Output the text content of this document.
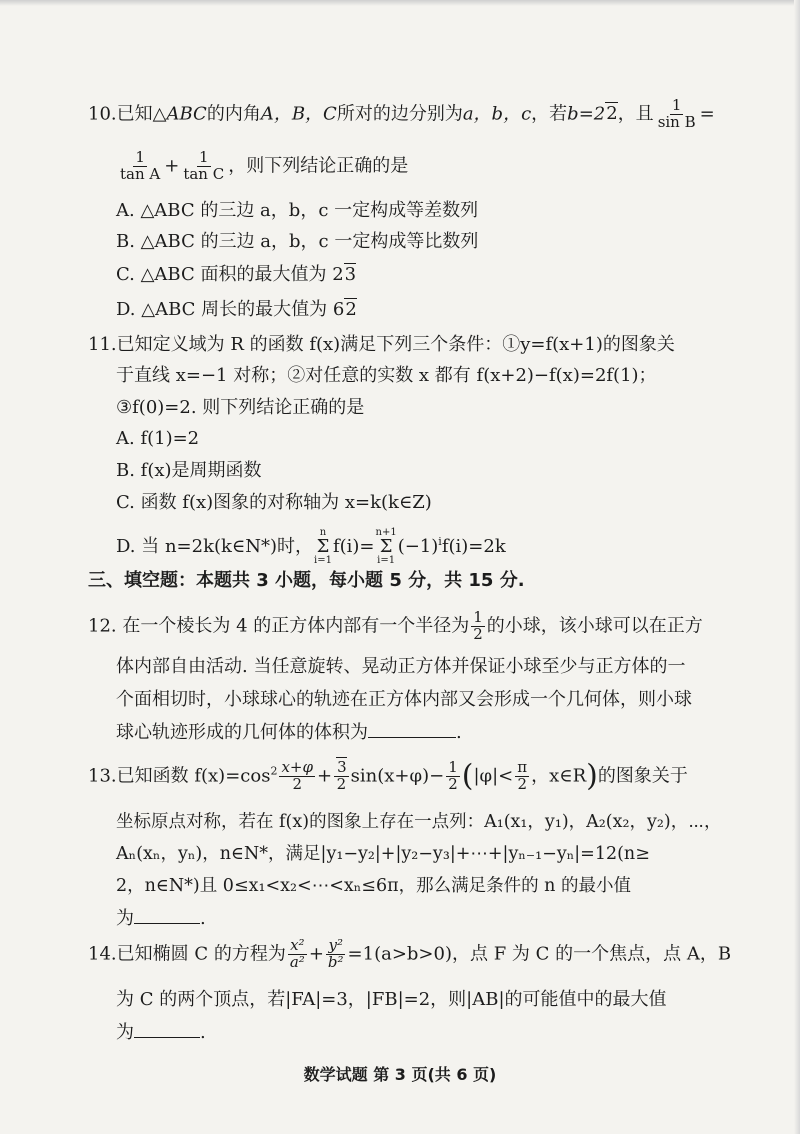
10.已知△ABC的内角A，B，C所对的边分别为a，b，c，若b=22，且 $\frac{1}{\text{sin B}}$ =
$\frac{1}{\text{tan A}} + \frac{1}{\text{tan C}}$ ，则下列结论正确的是
A. △ABC 的三边 a，b，c 一定构成等差数列
B. △ABC 的三边 a，b，c 一定构成等比数列
C. △ABC 面积的最大值为 23
D. △ABC 周长的最大值为 62
11.已知定义域为 R 的函数 f(x)满足下列三个条件：①y=f(x+1)的图象关
于直线 x=−1 对称；②对任意的实数 x 都有 f(x+2)−f(x)=2f(1)；
③f(0)=2. 则下列结论正确的是
A. f(1)=2
B. f(x)是周期函数
C. 函数 f(x)图象的对称轴为 x=k(k∈Z)
D. 当 n=2k(k∈N*)时，
n
Σ
i=1
f(i)=
n+1
Σ
i=1
$(-1)^if(i)=2k$
三、填空题：本题共 3 小题，每小题 5 分，共 15 分.
12. 在一个棱长为 4 的正方体内部有一个半径为 $\frac{1}{2}$ 的小球，该小球可以在正方
体内部自由活动. 当任意旋转、晃动正方体并保证小球至少与正方体的一
个面相切时，小球球心的轨迹在正方体内部又会形成一个几何体，则小球
球心轨迹形成的几何体的体积为	.
13.已知函数 $f(x)=\cos^2 \frac{x+\varphi}{2} + \frac{3}{2} \sin(x+\varphi)- \frac{1}{2} (|\varphi|< \frac{\pi}{2}$ ，x∈R)的图象关于
坐标原点对称，若在 f(x)的图象上存在一点列：A₁(x₁，y₁)，A₂(x₂，y₂)，⋯，
Aₙ(xₙ，yₙ)，n∈N*，满足|y₁−y₂|+|y₂−y₃|+⋯+|yₙ₋₁−yₙ|=12(n≥
2，n∈N*)且 0≤x₁<x₂<⋯<xₙ≤6π，那么满足条件的 n 的最小值
为	.
14.已知椭圆 C 的方程为 $\frac{\text{x²}}{\text{a²}} + \frac{\text{y²}}{\text{b²}} =1(a>b>0)$，点 F 为 C 的一个焦点，点 A，B
为 C 的两个顶点，若|FA|=3，|FB|=2，则|AB|的可能值中的最大值
为	.
数学试题 第 3 页(共 6 页)
